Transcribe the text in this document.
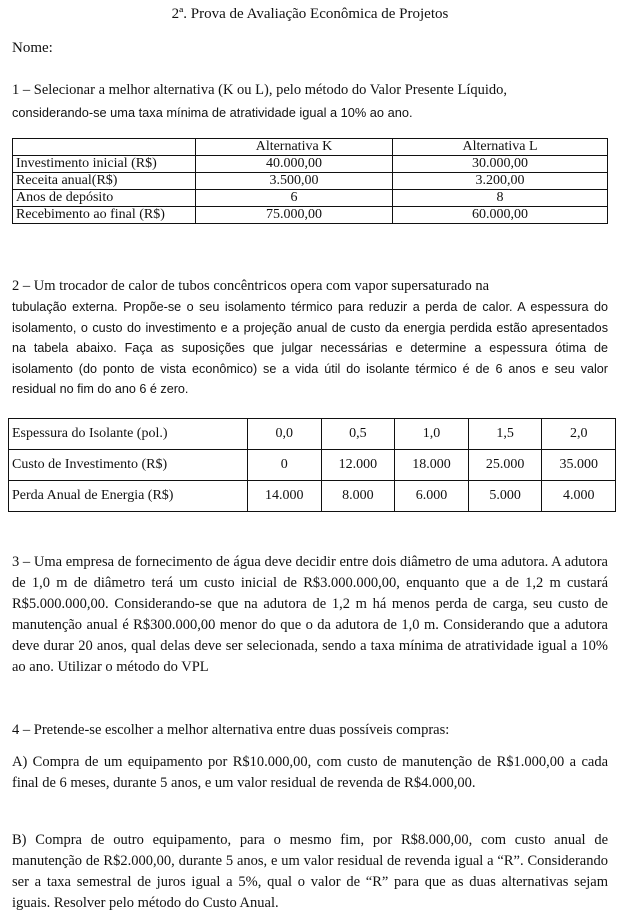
2ª. Prova de Avaliação Econômica de Projetos
Nome:
1 – Selecionar a melhor alternativa (K ou L), pelo método do Valor Presente Líquido,
considerando-se uma taxa mínima de atratividade igual a 10% ao ano.
	Alternativa K	Alternativa L
Investimento inicial (R$)	40.000,00	30.000,00
Receita anual(R$)	3.500,00	3.200,00
Anos de depósito	6	8
Recebimento ao final (R$)	75.000,00	60.000,00
2 – Um trocador de calor de tubos concêntricos opera com vapor supersaturado na
tubulação externa. Propõe-se o seu isolamento térmico para reduzir a perda de calor. A espessura do isolamento, o custo do investimento e a projeção anual de custo da energia perdida estão apresentados na tabela abaixo. Faça as suposições que julgar necessárias e determine a espessura ótima de isolamento (do ponto de vista econômico) se a vida útil do isolante térmico é de 6 anos e seu valor residual no fim do ano 6 é zero.
Espessura do Isolante (pol.)	0,0	0,5	1,0	1,5	2,0
Custo de Investimento (R$)	0	12.000	18.000	25.000	35.000
Perda Anual de Energia (R$)	14.000	8.000	6.000	5.000	4.000
3 – Uma empresa de fornecimento de água deve decidir entre dois diâmetro de uma adutora. A adutora de 1,0 m de diâmetro terá um custo inicial de R$3.000.000,00, enquanto que a de 1,2 m custará R$5.000.000,00. Considerando-se que na adutora de 1,2 m há menos perda de carga, seu custo de manutenção anual é R$300.000,00 menor do que o da adutora de 1,0 m. Considerando que a adutora deve durar 20 anos, qual delas deve ser selecionada, sendo a taxa mínima de atratividade igual a 10% ao ano. Utilizar o método do VPL
4 – Pretende-se escolher a melhor alternativa entre duas possíveis compras:
A) Compra de um equipamento por R$10.000,00, com custo de manutenção de R$1.000,00 a cada final de 6 meses, durante 5 anos, e um valor residual de revenda de R$4.000,00.
B) Compra de outro equipamento, para o mesmo fim, por R$8.000,00, com custo anual de manutenção de R$2.000,00, durante 5 anos, e um valor residual de revenda igual a “R”. Considerando ser a taxa semestral de juros igual a 5%, qual o valor de “R” para que as duas alternativas sejam iguais. Resolver pelo método do Custo Anual.
